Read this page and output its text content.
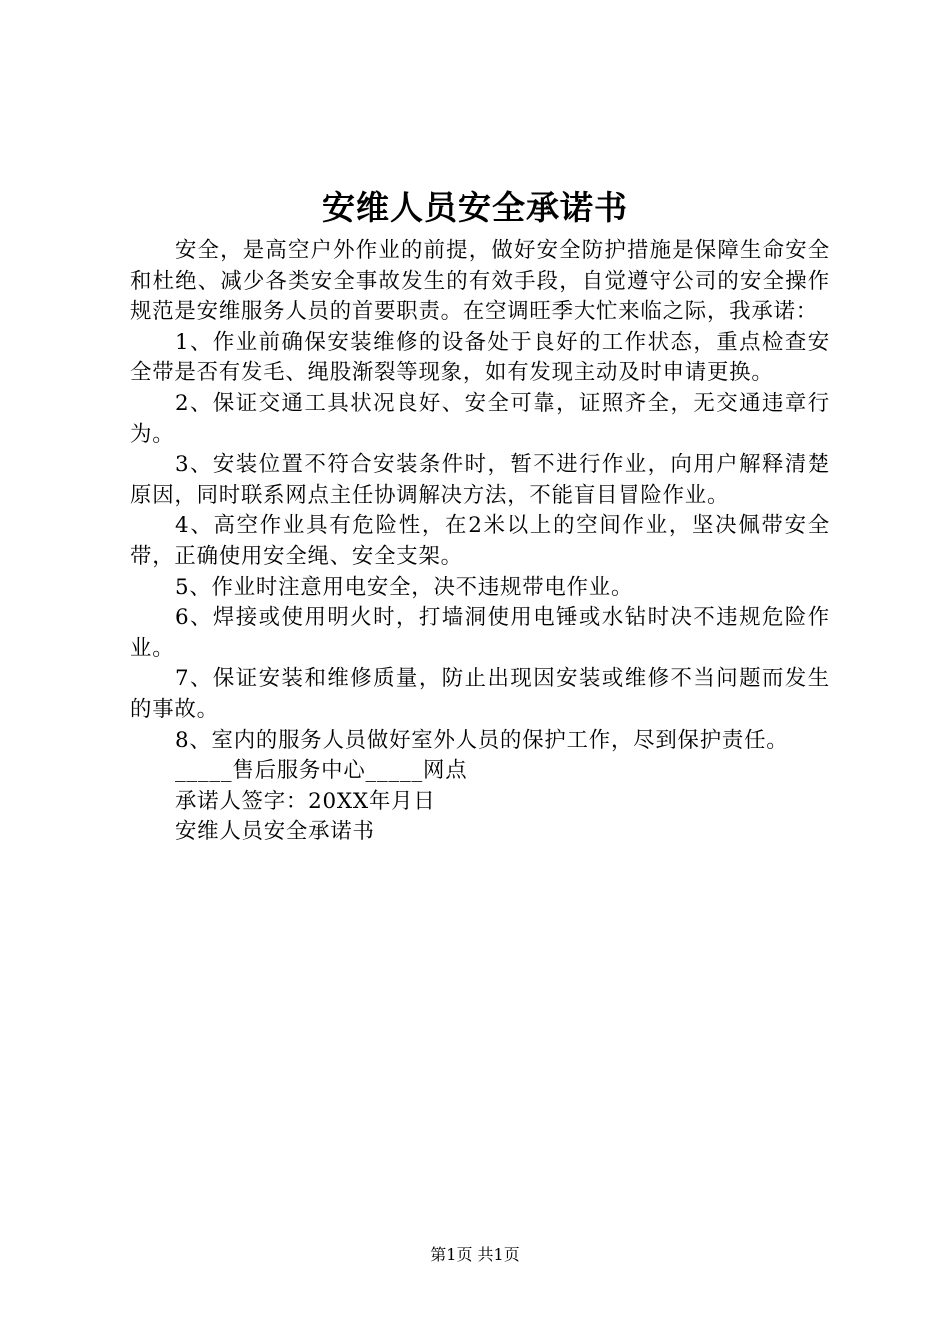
安维人员安全承诺书

安全，是高空户外作业的前提，做好安全防护措施是保障生命安全和杜绝、减少各类安全事故发生的有效手段，自觉遵守公司的安全操作规范是安维服务人员的首要职责。在空调旺季大忙来临之际，我承诺：

1、作业前确保安装维修的设备处于良好的工作状态，重点检查安全带是否有发毛、绳股渐裂等现象，如有发现主动及时申请更换。

2、保证交通工具状况良好、安全可靠，证照齐全，无交通违章行为。

3、安装位置不符合安装条件时，暂不进行作业，向用户解释清楚原因，同时联系网点主任协调解决方法，不能盲目冒险作业。

4、高空作业具有危险性，在2米以上的空间作业，坚决佩带安全带，正确使用安全绳、安全支架。

5、作业时注意用电安全，决不违规带电作业。

6、焊接或使用明火时，打墙洞使用电锤或水钻时决不违规危险作业。

7、保证安装和维修质量，防止出现因安装或维修不当问题而发生的事故。

8、室内的服务人员做好室外人员的保护工作，尽到保护责任。

_____售后服务中心_____网点

承诺人签字：20XX年月日

安维人员安全承诺书

第1页 共1页
